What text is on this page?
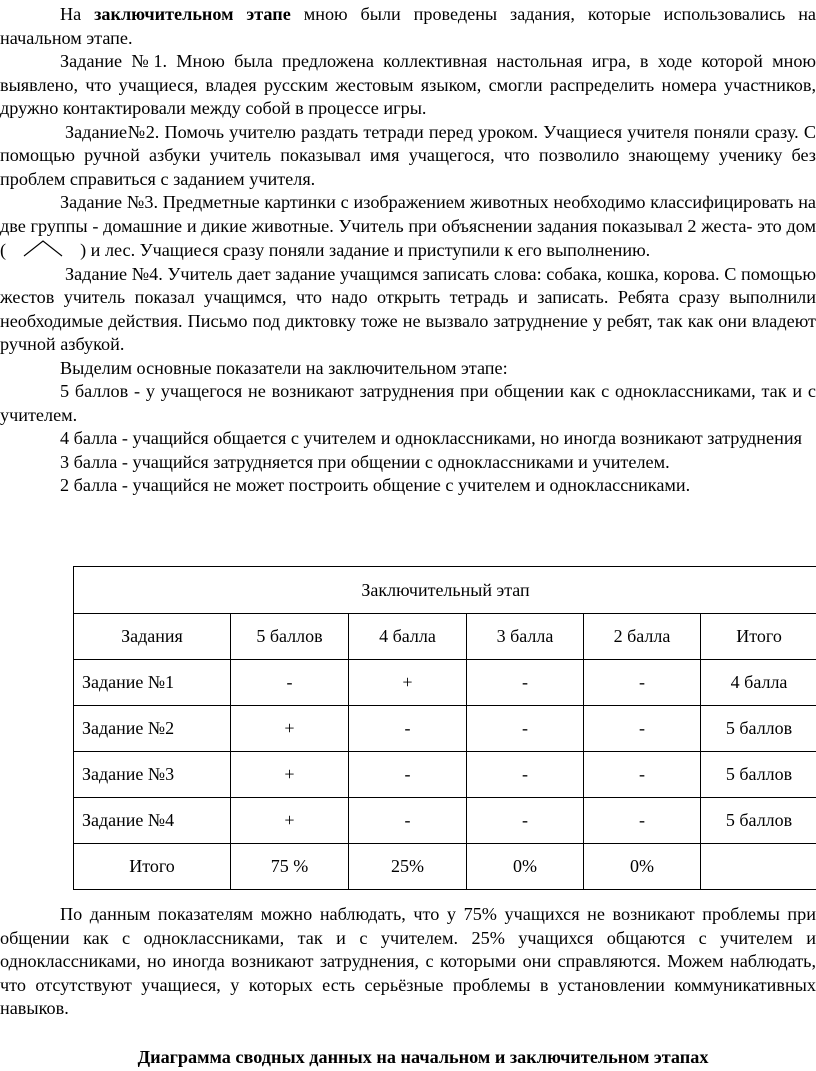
На заключительном этапе мною были проведены задания, которые использовались на начальном этапе.

Задание №1. Мною была предложена коллективная настольная игра, в ходе которой мною выявлено, что учащиеся, владея русским жестовым языком, смогли распределить номера участников, дружно контактировали между собой в процессе игры.

Задание№2. Помочь учителю раздать тетради перед уроком. Учащиеся учителя поняли сразу. С помощью ручной азбуки учитель показывал имя учащегося, что позволило знающему ученику без проблем справиться с заданием учителя.

Задание №3. Предметные картинки с изображением животных необходимо классифицировать на две группы - домашние и дикие животные. Учитель при объяснении задания показывал 2 жеста- это дом (	) и лес. Учащиеся сразу поняли задание и приступили к его выполнению.

Задание №4. Учитель дает задание учащимся записать слова: собака, кошка, корова. С помощью жестов учитель показал учащимся, что надо открыть тетрадь и записать. Ребята сразу выполнили необходимые действия. Письмо под диктовку тоже не вызвало затруднение у ребят, так как они владеют ручной азбукой.

Выделим основные показатели на заключительном этапе:

5 баллов - у учащегося не возникают затруднения при общении как с одноклассниками, так и с учителем.

4 балла - учащийся общается с учителем и одноклассниками, но иногда возникают затруднения

3 балла - учащийся затрудняется при общении с одноклассниками и учителем.

2 балла - учащийся не может построить общение с учителем и одноклассниками.

Заключительный этап					
Задания	5 баллов	4 балла	3 балла	2 балла	Итого
Задание №1	-	+	-	-	4 балла
Задание №2	+	-	-	-	5 баллов
Задание №3	+	-	-	-	5 баллов
Задание №4	+	-	-	-	5 баллов
Итого	75 %	25%	0%	0%	

По данным показателям можно наблюдать, что у 75% учащихся не возникают проблемы при общении как с одноклассниками, так и с учителем. 25% учащихся общаются с учителем и одноклассниками, но иногда возникают затруднения, с которыми они справляются. Можем наблюдать, что отсутствуют учащиеся, у которых есть серьёзные проблемы в установлении коммуникативных навыков.

Диаграмма сводных данных на начальном и заключительном этапах
